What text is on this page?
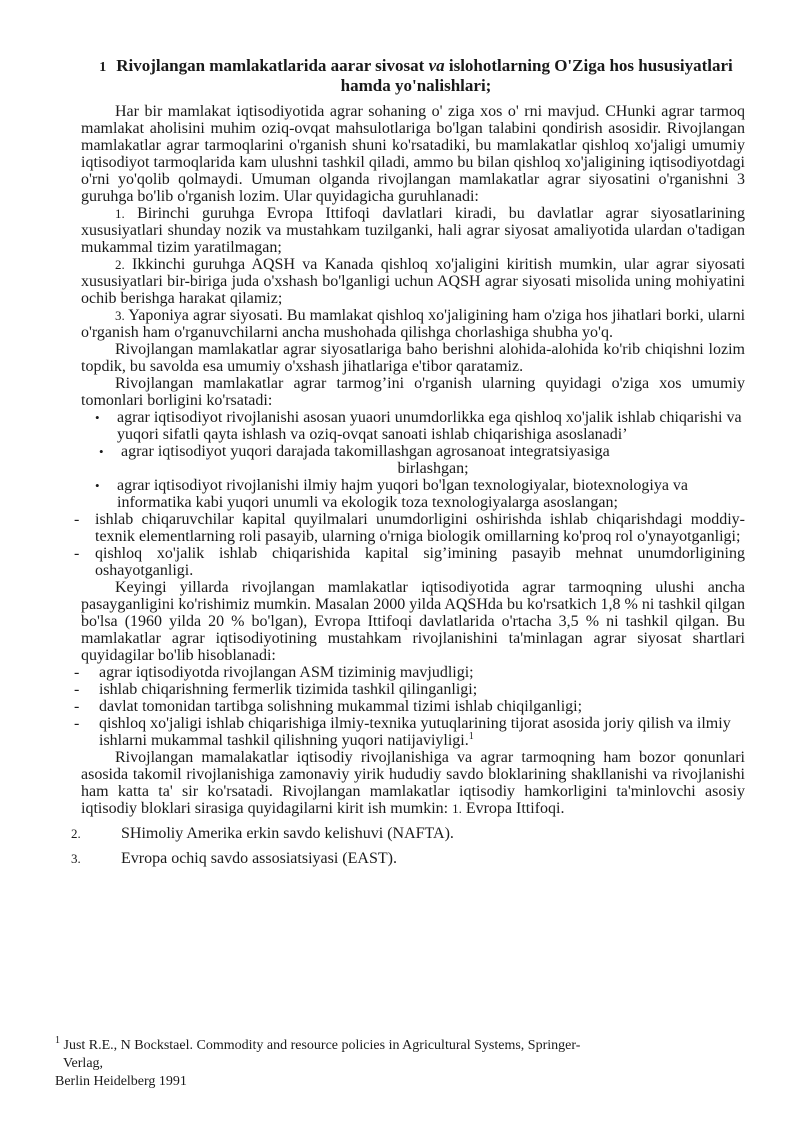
1 Rivojlangan mamlakatlarida aarar sivosat va islohotlarning O'Ziga hos hususiyatlari hamda yo'nalishlari;

Har bir mamlakat iqtisodiyotida agrar sohaning o' ziga xos o' rni mavjud. CHunki agrar tarmoq mamlakat aholisini muhim oziq-ovqat mahsulotlariga bo'lgan talabini qondirish asosidir. Rivojlangan mamlakatlar agrar tarmoqlarini o'rganish shuni ko'rsatadiki, bu mamlakatlar qishloq xo'jaligi umumiy iqtisodiyot tarmoqlarida kam ulushni tashkil qiladi, ammo bu bilan qishloq xo'jaligining iqtisodiyotdagi o'rni yo'qolib qolmaydi. Umuman olganda rivojlangan mamlakatlar agrar siyosatini o'rganishni 3 guruhga bo'lib o'rganish lozim. Ular quyidagicha guruhlanadi:

1. Birinchi guruhga Evropa Ittifoqi davlatlari kiradi, bu davlatlar agrar siyosatlarining xususiyatlari shunday nozik va mustahkam tuzilganki, hali agrar siyosat amaliyotida ulardan o'tadigan mukammal tizim yaratilmagan;

2. Ikkinchi guruhga AQSH va Kanada qishloq xo'jaligini kiritish mumkin, ular agrar siyosati xususiyatlari bir-biriga juda o'xshash bo'lganligi uchun AQSH agrar siyosati misolida uning mohiyatini ochib berishga harakat qilamiz;

3. Yaponiya agrar siyosati. Bu mamlakat qishloq xo'jaligining ham o'ziga hos jihatlari borki, ularni o'rganish ham o'rganuvchilarni ancha mushohada qilishga chorlashiga shubha yo'q.

Rivojlangan mamlakatlar agrar siyosatlariga baho berishni alohida-alohida ko'rib chiqishni lozim topdik, bu savolda esa umumiy o'xshash jihatlariga e'tibor qaratamiz.

Rivojlangan mamlakatlar agrar tarmog’ini o'rganish ularning quyidagi o'ziga xos umumiy tomonlari borligini ko'rsatadi:

• agrar iqtisodiyot rivojlanishi asosan yuaori unumdorlikka ega qishloq xo'jalik ishlab chiqarishi va yuqori sifatli qayta ishlash va oziq-ovqat sanoati ishlab chiqarishiga asoslanadi’
• agrar iqtisodiyot yuqori darajada takomillashgan agrosanoat integratsiyasiga
birlashgan;
• agrar iqtisodiyot rivojlanishi ilmiy hajm yuqori bo'lgan texnologiyalar, biotexnologiya va informatika kabi yuqori unumli va ekologik toza texnologiyalarga asoslangan;
- ishlab chiqaruvchilar kapital quyilmalari unumdorligini oshirishda ishlab chiqarishdagi moddiy-texnik elementlarning roli pasayib, ularning o'rniga biologik omillarning ko'proq rol o'ynayotganligi;
- qishloq xo'jalik ishlab chiqarishida kapital sig’imining pasayib mehnat unumdorligining oshayotganligi.

Keyingi yillarda rivojlangan mamlakatlar iqtisodiyotida agrar tarmoqning ulushi ancha pasayganligini ko'rishimiz mumkin. Masalan 2000 yilda AQSHda bu ko'rsatkich 1,8 % ni tashkil qilgan bo'lsa (1960 yilda 20 % bo'lgan), Evropa Ittifoqi davlatlarida o'rtacha 3,5 % ni tashkil qilgan. Bu mamlakatlar agrar iqtisodiyotining mustahkam rivojlanishini ta'minlagan agrar siyosat shartlari quyidagilar bo'lib hisoblanadi:

- agrar iqtisodiyotda rivojlangan ASM tiziminig mavjudligi;
- ishlab chiqarishning fermerlik tizimida tashkil qilinganligi;
- davlat tomonidan tartibga solishning mukammal tizimi ishlab chiqilganligi;
- qishloq xo'jaligi ishlab chiqarishiga ilmiy-texnika yutuqlarining tijorat asosida joriy qilish va ilmiy ishlarni mukammal tashkil qilishning yuqori natijaviyligi.$^1$

Rivojlangan mamalakatlar iqtisodiy rivojlanishiga va agrar tarmoqning ham bozor qonunlari asosida takomil rivojlanishiga zamonaviy yirik hududiy savdo bloklarining shakllanishi va rivojlanishi ham katta ta' sir ko'rsatadi. Rivojlangan mamlakatlar iqtisodiy hamkorligini ta'minlovchi asosiy iqtisodiy bloklari sirasiga quyidagilarni kirit ish mumkin: 1. Evropa Ittifoqi.

2.	SHimoliy Amerika erkin savdo kelishuvi (NAFTA).
3.	Evropa ochiq savdo assosiatsiyasi (EAST).
$^1$ Just R.E., N Bockstael. Commodity and resource policies in Agricultural Systems, Springer-
Verlag,
Berlin Heidelberg 1991
